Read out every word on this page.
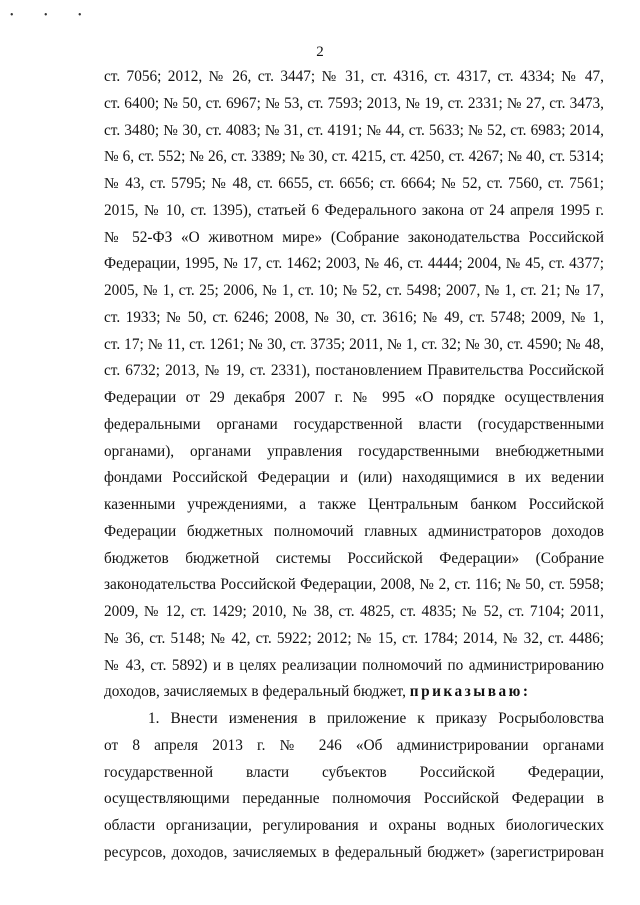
• • •
2
ст. 7056; 2012, № 26, ст. 3447; № 31, ст. 4316, ст. 4317, ст. 4334; № 47,
ст. 6400; № 50, ст. 6967; № 53, ст. 7593; 2013, № 19, ст. 2331; № 27, ст. 3473,
ст. 3480; № 30, ст. 4083; № 31, ст. 4191; № 44, ст. 5633; № 52, ст. 6983; 2014,
№ 6, ст. 552; № 26, ст. 3389; № 30, ст. 4215, ст. 4250, ст. 4267; № 40, ст. 5314;
№ 43, ст. 5795; № 48, ст. 6655, ст. 6656; ст. 6664; № 52, ст. 7560, ст. 7561;
2015, № 10, ст. 1395), статьей 6 Федерального закона от 24 апреля 1995 г.
№ 52-ФЗ «О животном мире» (Собрание законодательства Российской
Федерации, 1995, № 17, ст. 1462; 2003, № 46, ст. 4444; 2004, № 45, ст. 4377;
2005, № 1, ст. 25; 2006, № 1, ст. 10; № 52, ст. 5498; 2007, № 1, ст. 21; № 17,
ст. 1933; № 50, ст. 6246; 2008, № 30, ст. 3616; № 49, ст. 5748; 2009, № 1,
ст. 17; № 11, ст. 1261; № 30, ст. 3735; 2011, № 1, ст. 32; № 30, ст. 4590; № 48,
ст. 6732; 2013, № 19, ст. 2331), постановлением Правительства Российской
Федерации от 29 декабря 2007 г. № 995 «О порядке осуществления
федеральными органами государственной власти (государственными
органами), органами управления государственными внебюджетными
фондами Российской Федерации и (или) находящимися в их ведении
казенными учреждениями, а также Центральным банком Российской
Федерации бюджетных полномочий главных администраторов доходов
бюджетов бюджетной системы Российской Федерации» (Собрание
законодательства Российской Федерации, 2008, № 2, ст. 116; № 50, ст. 5958;
2009, № 12, ст. 1429; 2010, № 38, ст. 4825, ст. 4835; № 52, ст. 7104; 2011,
№ 36, ст. 5148; № 42, ст. 5922; 2012; № 15, ст. 1784; 2014, № 32, ст. 4486;
№ 43, ст. 5892) и в целях реализации полномочий по администрированию
доходов, зачисляемых в федеральный бюджет, приказываю:
1. Внести изменения в приложение к приказу Росрыболовства
от 8 апреля 2013 г. № 246 «Об администрировании органами
государственной власти субъектов Российской Федерации,
осуществляющими переданные полномочия Российской Федерации в
области организации, регулирования и охраны водных биологических
ресурсов, доходов, зачисляемых в федеральный бюджет» (зарегистрирован
